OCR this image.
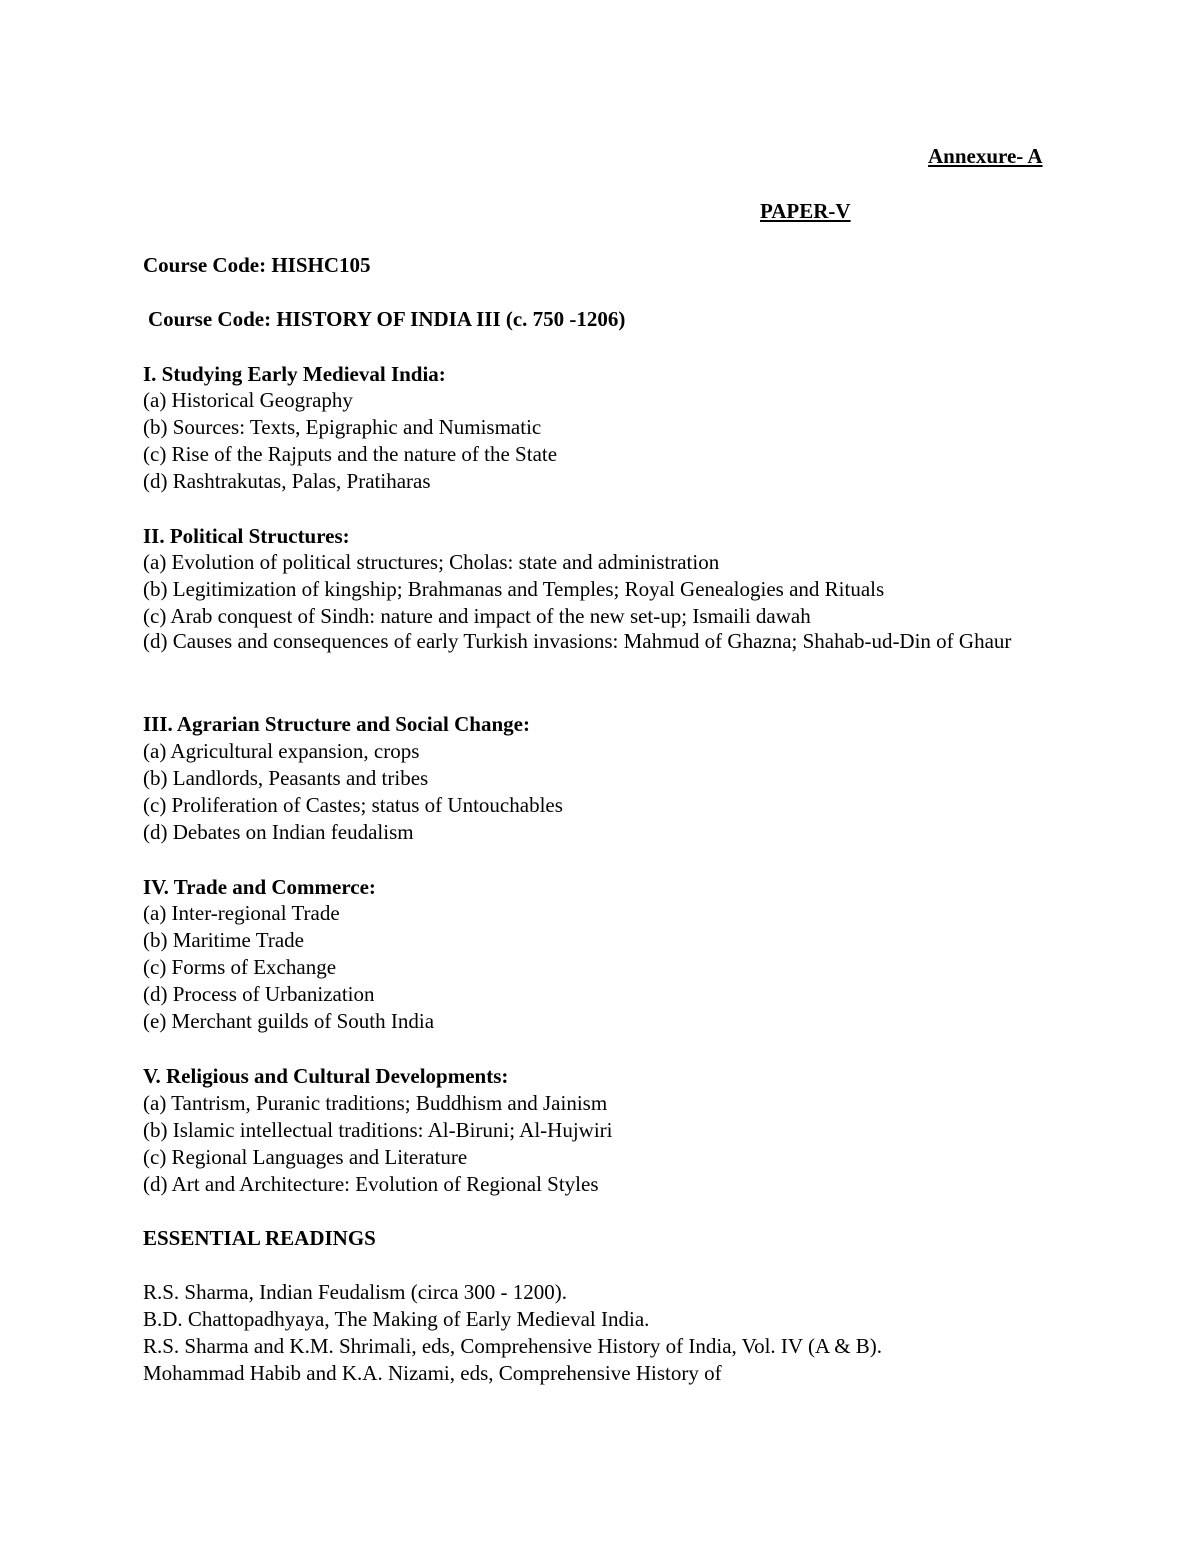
Annexure- A
PAPER-V
Course Code: HISHC105
Course Code: HISTORY OF INDIA III (c. 750 -1206)
I. Studying Early Medieval India:
(a) Historical Geography
(b) Sources: Texts, Epigraphic and Numismatic
(c) Rise of the Rajputs and the nature of the State
(d) Rashtrakutas, Palas, Pratiharas
II. Political Structures:
(a) Evolution of political structures; Cholas: state and administration
(b) Legitimization of kingship; Brahmanas and Temples; Royal Genealogies and Rituals
(c) Arab conquest of Sindh: nature and impact of the new set-up; Ismaili dawah
(d) Causes and consequences of early Turkish invasions: Mahmud of Ghazna; Shahab-ud-Din of Ghaur
III. Agrarian Structure and Social Change:
(a) Agricultural expansion, crops
(b) Landlords, Peasants and tribes
(c) Proliferation of Castes; status of Untouchables
(d) Debates on Indian feudalism
IV. Trade and Commerce:
(a) Inter-regional Trade
(b) Maritime Trade
(c) Forms of Exchange
(d) Process of Urbanization
(e) Merchant guilds of South India
V. Religious and Cultural Developments:
(a) Tantrism, Puranic traditions; Buddhism and Jainism
(b) Islamic intellectual traditions: Al-Biruni; Al-Hujwiri
(c) Regional Languages and Literature
(d) Art and Architecture: Evolution of Regional Styles
ESSENTIAL READINGS
R.S. Sharma, Indian Feudalism (circa 300 - 1200).
B.D. Chattopadhyaya, The Making of Early Medieval India.
R.S. Sharma and K.M. Shrimali, eds, Comprehensive History of India, Vol. IV (A & B).
Mohammad Habib and K.A. Nizami, eds, Comprehensive History of
